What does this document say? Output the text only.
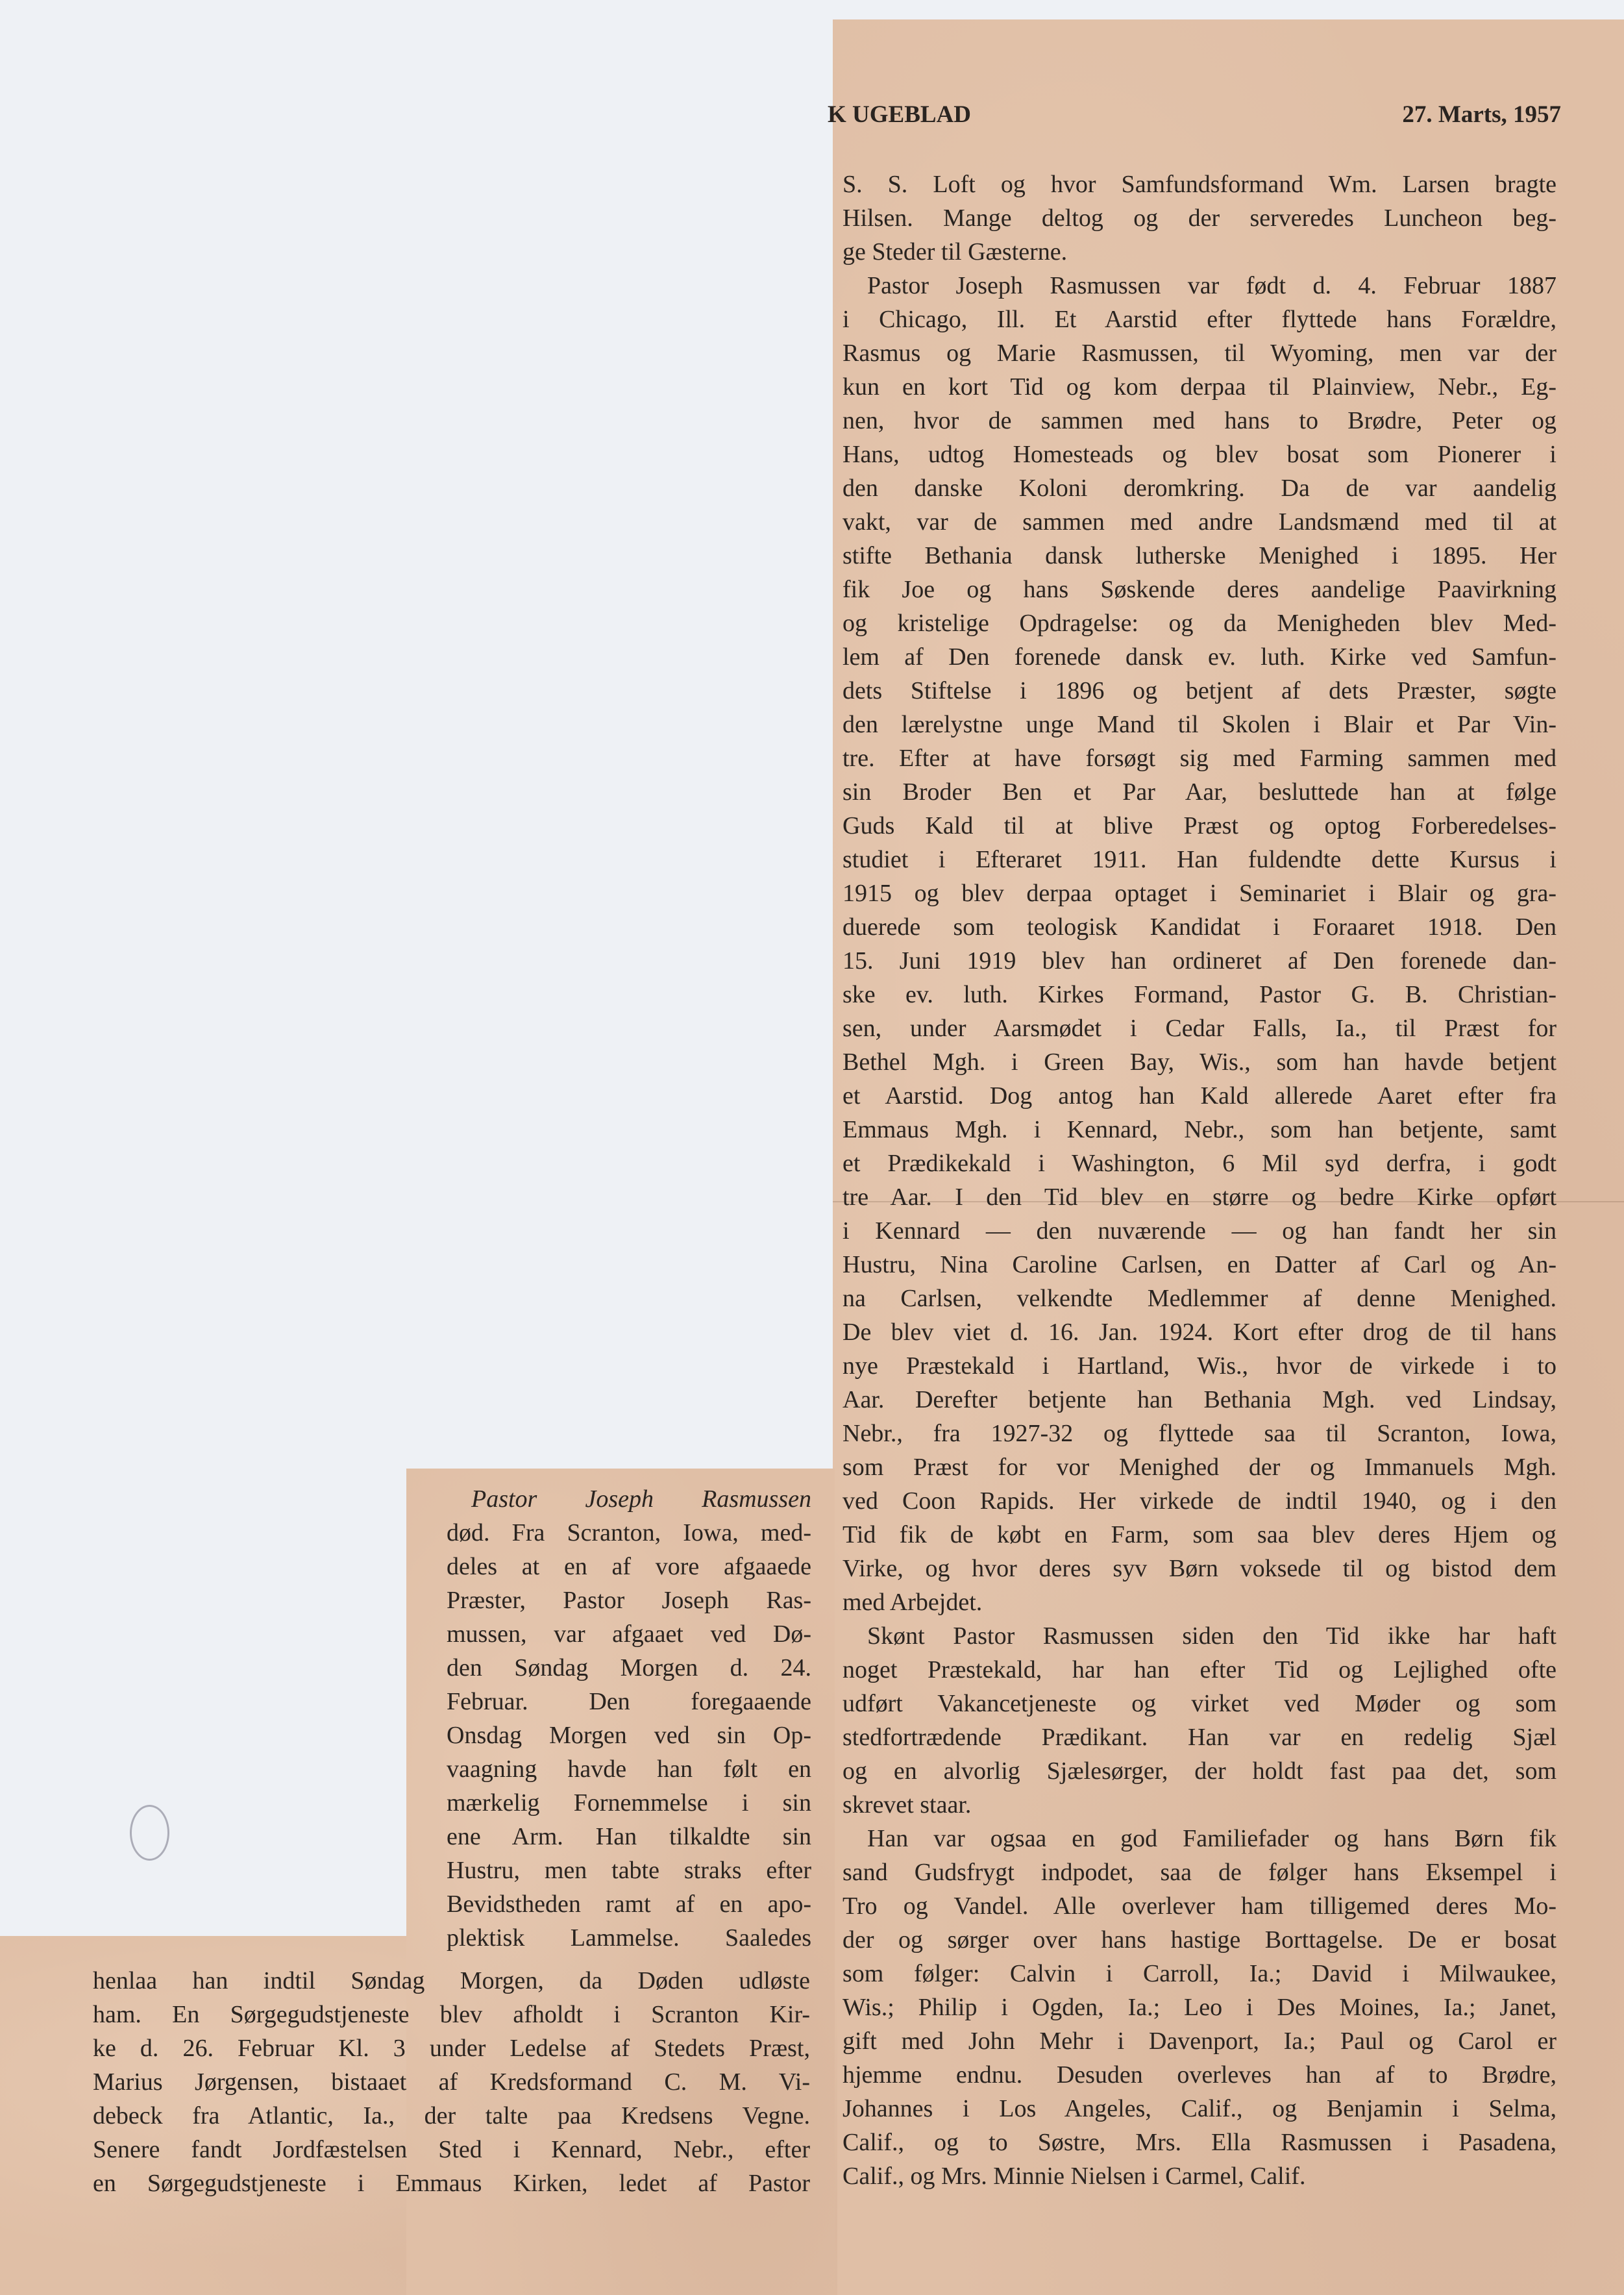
K UGEBLAD	27. Marts, 1957
S. S. Loft og hvor Samfundsformand Wm. Larsen bragte
Hilsen. Mange deltog og der serveredes Luncheon beg-
ge Steder til Gæsterne.
Pastor Joseph Rasmussen var født d. 4. Februar 1887
i Chicago, Ill. Et Aarstid efter flyttede hans Forældre,
Rasmus og Marie Rasmussen, til Wyoming, men var der
kun en kort Tid og kom derpaa til Plainview, Nebr., Eg-
nen, hvor de sammen med hans to Brødre, Peter og
Hans, udtog Homesteads og blev bosat som Pionerer i
den danske Koloni deromkring. Da de var aandelig
vakt, var de sammen med andre Landsmænd med til at
stifte Bethania dansk lutherske Menighed i 1895. Her
fik Joe og hans Søskende deres aandelige Paavirkning
og kristelige Opdragelse: og da Menigheden blev Med-
lem af Den forenede dansk ev. luth. Kirke ved Samfun-
dets Stiftelse i 1896 og betjent af dets Præster, søgte
den lærelystne unge Mand til Skolen i Blair et Par Vin-
tre. Efter at have forsøgt sig med Farming sammen med
sin Broder Ben et Par Aar, besluttede han at følge
Guds Kald til at blive Præst og optog Forberedelses-
studiet i Efteraret 1911. Han fuldendte dette Kursus i
1915 og blev derpaa optaget i Seminariet i Blair og gra-
duerede som teologisk Kandidat i Foraaret 1918. Den
15. Juni 1919 blev han ordineret af Den forenede dan-
ske ev. luth. Kirkes Formand, Pastor G. B. Christian-
sen, under Aarsmødet i Cedar Falls, Ia., til Præst for
Bethel Mgh. i Green Bay, Wis., som han havde betjent
et Aarstid. Dog antog han Kald allerede Aaret efter fra
Emmaus Mgh. i Kennard, Nebr., som han betjente, samt
et Prædikekald i Washington, 6 Mil syd derfra, i godt
tre Aar. I den Tid blev en større og bedre Kirke opført
i Kennard — den nuværende — og han fandt her sin
Hustru, Nina Caroline Carlsen, en Datter af Carl og An-
na Carlsen, velkendte Medlemmer af denne Menighed.
De blev viet d. 16. Jan. 1924. Kort efter drog de til hans
nye Præstekald i Hartland, Wis., hvor de virkede i to
Aar. Derefter betjente han Bethania Mgh. ved Lindsay,
Nebr., fra 1927-32 og flyttede saa til Scranton, Iowa,
som Præst for vor Menighed der og Immanuels Mgh.
ved Coon Rapids. Her virkede de indtil 1940, og i den
Tid fik de købt en Farm, som saa blev deres Hjem og
Virke, og hvor deres syv Børn voksede til og bistod dem
med Arbejdet.
Skønt Pastor Rasmussen siden den Tid ikke har haft
noget Præstekald, har han efter Tid og Lejlighed ofte
udført Vakancetjeneste og virket ved Møder og som
stedfortrædende Prædikant. Han var en redelig Sjæl
og en alvorlig Sjælesørger, der holdt fast paa det, som
skrevet staar.
Han var ogsaa en god Familiefader og hans Børn fik
sand Gudsfrygt indpodet, saa de følger hans Eksempel i
Tro og Vandel. Alle overlever ham tilligemed deres Mo-
der og sørger over hans hastige Borttagelse. De er bosat
som følger: Calvin i Carroll, Ia.; David i Milwaukee,
Wis.; Philip i Ogden, Ia.; Leo i Des Moines, Ia.; Janet,
gift med John Mehr i Davenport, Ia.; Paul og Carol er
hjemme endnu. Desuden overleves han af to Brødre,
Johannes i Los Angeles, Calif., og Benjamin i Selma,
Calif., og to Søstre, Mrs. Ella Rasmussen i Pasadena,
Calif., og Mrs. Minnie Nielsen i Carmel, Calif.
Pastor Joseph Rasmussen
død. Fra Scranton, Iowa, med-
deles at en af vore afgaaede
Præster, Pastor Joseph Ras-
mussen, var afgaaet ved Dø-
den Søndag Morgen d. 24.
Februar. Den foregaaende
Onsdag Morgen ved sin Op-
vaagning havde han følt en
mærkelig Fornemmelse i sin
ene Arm. Han tilkaldte sin
Hustru, men tabte straks efter
Bevidstheden ramt af en apo-
plektisk Lammelse. Saaledes
henlaa han indtil Søndag Morgen, da Døden udløste
ham. En Sørgegudstjeneste blev afholdt i Scranton Kir-
ke d. 26. Februar Kl. 3 under Ledelse af Stedets Præst,
Marius Jørgensen, bistaaet af Kredsformand C. M. Vi-
debeck fra Atlantic, Ia., der talte paa Kredsens Vegne.
Senere fandt Jordfæstelsen Sted i Kennard, Nebr., efter
en Sørgegudstjeneste i Emmaus Kirken, ledet af Pastor
